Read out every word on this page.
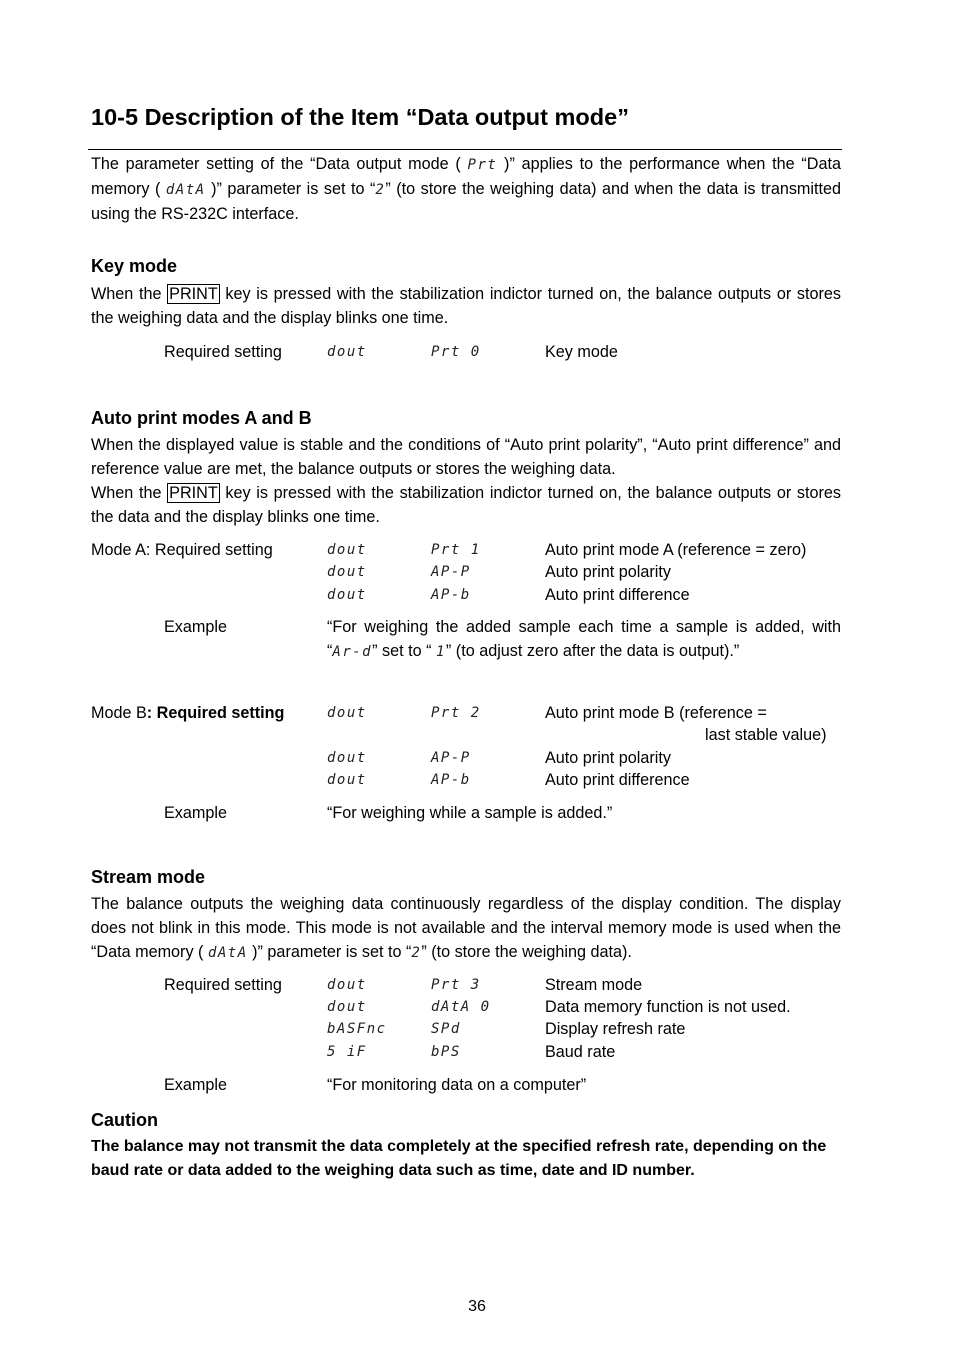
10-5 Description of the Item “Data output mode”
The parameter setting of the “Data output mode ( Prt )” applies to the performance when the “Data memory ( dAtA )” parameter is set to “2” (to store the weighing data) and when the data is transmitted using the RS-232C interface.
Key mode
When the PRINT key is pressed with the stabilization indictor turned on, the balance outputs or stores the weighing data and the display blinks one time.
Required setting	dout	Prt 0	Key mode
Auto print modes A and B
When the displayed value is stable and the conditions of “Auto print polarity”, “Auto print difference” and reference value are met, the balance outputs or stores the weighing data.
When the PRINT key is pressed with the stabilization indictor turned on, the balance outputs or stores the data and the display blinks one time.
Mode A: Required setting	dout	Prt 1	Auto print mode A (reference = zero)
dout	AP-P	Auto print polarity
dout	AP-b	Auto print difference
Example	“For weighing the added sample each time a sample is added, with
“Ar-d” set to “ 1” (to adjust zero after the data is output).”
Mode B: Required setting	dout	Prt 2	Auto print mode B (reference =
last stable value)
dout	AP-P	Auto print polarity
dout	AP-b	Auto print difference
Example	“For weighing while a sample is added.”
Stream mode
The balance outputs the weighing data continuously regardless of the display condition. The display does not blink in this mode. This mode is not available and the interval memory mode is used when the “Data memory ( dAtA )” parameter is set to “2” (to store the weighing data).
Required setting	dout	Prt 3	Stream mode
dout	dAtA 0	Data memory function is not used.
bASFnc	SPd	Display refresh rate
5 iF	bPS	Baud rate
Example	“For monitoring data on a computer”
Caution
The balance may not transmit the data completely at the specified refresh rate, depending on the baud rate or data added to the weighing data such as time, date and ID number.
36
